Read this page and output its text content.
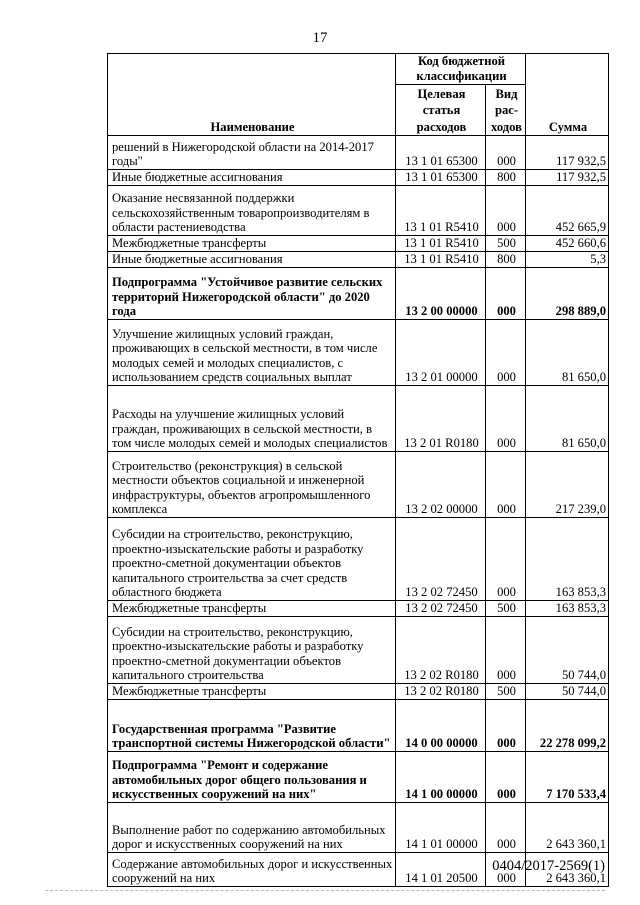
17
Наименование	Код бюджетной классификации		Сумма
	Целевая статья расходов	Вид рас-ходов	
решений в Нижегородской области на 2014-2017 годы"	13 1 01 65300	000	117 932,5
Иные бюджетные ассигнования	13 1 01 65300	800	117 932,5
Оказание несвязанной поддержки сельскохозяйственным товаропроизводителям в области растениеводства	13 1 01 R5410	000	452 665,9
Межбюджетные трансферты	13 1 01 R5410	500	452 660,6
Иные бюджетные ассигнования	13 1 01 R5410	800	5,3
Подпрограмма "Устойчивое развитие сельских территорий Нижегородской области" до 2020 года	13 2 00 00000	000	298 889,0
Улучшение жилищных условий граждан, проживающих в сельской местности, в том числе молодых семей и молодых специалистов, с использованием средств социальных выплат	13 2 01 00000	000	81 650,0
Расходы на улучшение жилищных условий граждан, проживающих в сельской местности, в том числе молодых семей и молодых специалистов	13 2 01 R0180	000	81 650,0
Строительство (реконструкция) в сельской местности объектов социальной и инженерной инфраструктуры, объектов агропромышленного комплекса	13 2 02 00000	000	217 239,0
Субсидии на строительство, реконструкцию, проектно-изыскательские работы и разработку проектно-сметной документации объектов капитального строительства за счет средств областного бюджета	13 2 02 72450	000	163 853,3
Межбюджетные трансферты	13 2 02 72450	500	163 853,3
Субсидии на строительство, реконструкцию, проектно-изыскательские работы и разработку проектно-сметной документации объектов капитального строительства	13 2 02 R0180	000	50 744,0
Межбюджетные трансферты	13 2 02 R0180	500	50 744,0
Государственная программа "Развитие транспортной системы Нижегородской области"	14 0 00 00000	000	22 278 099,2
Подпрограмма "Ремонт и содержание автомобильных дорог общего пользования и искусственных сооружений на них"	14 1 00 00000	000	7 170 533,4
Выполнение работ по содержанию автомобильных дорог и искусственных сооружений на них	14 1 01 00000	000	2 643 360,1
Содержание автомобильных дорог и искусственных сооружений на них	14 1 01 20500	000	2 643 360,1
0404/2017-2569(1)
